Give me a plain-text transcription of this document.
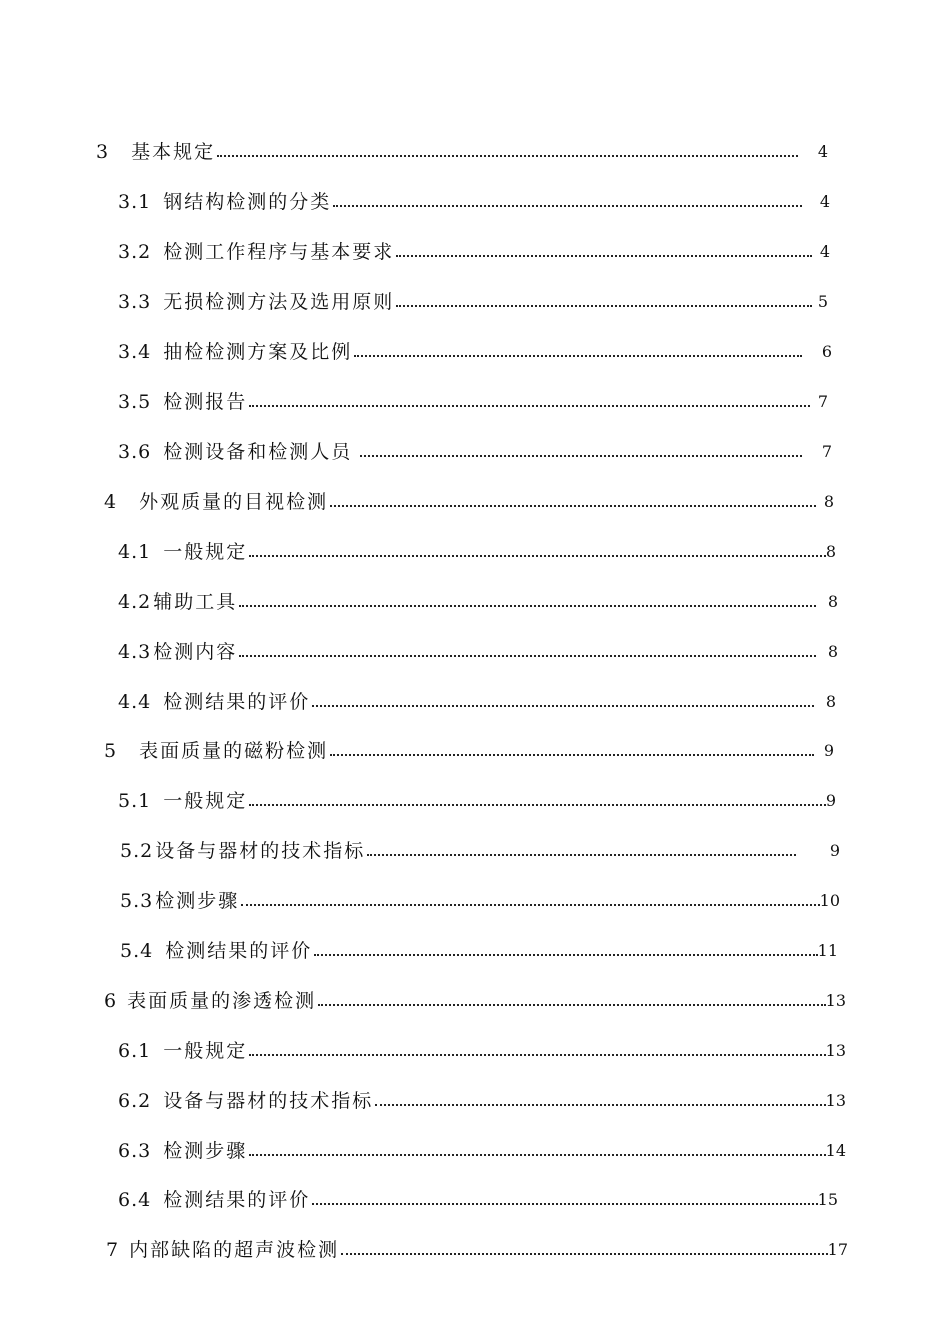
3 基本规定	4
3.1 钢结构检测的分类	4
3.2 检测工作程序与基本要求	4
3.3 无损检测方法及选用原则	5
3.4 抽检检测方案及比例	6
3.5 检测报告	7
3.6 检测设备和检测人员	7
4 外观质量的目视检测	8
4.1 一般规定	8
4.2 辅助工具	8
4.3 检测内容	8
4.4 检测结果的评价	8
5 表面质量的磁粉检测	9
5.1 一般规定	9
5.2 设备与器材的技术指标	9
5.3 检测步骤	10
5.4 检测结果的评价	11
6 表面质量的渗透检测	13
6.1 一般规定	13
6.2 设备与器材的技术指标	13
6.3 检测步骤	14
6.4 检测结果的评价	15
7 内部缺陷的超声波检测	17
